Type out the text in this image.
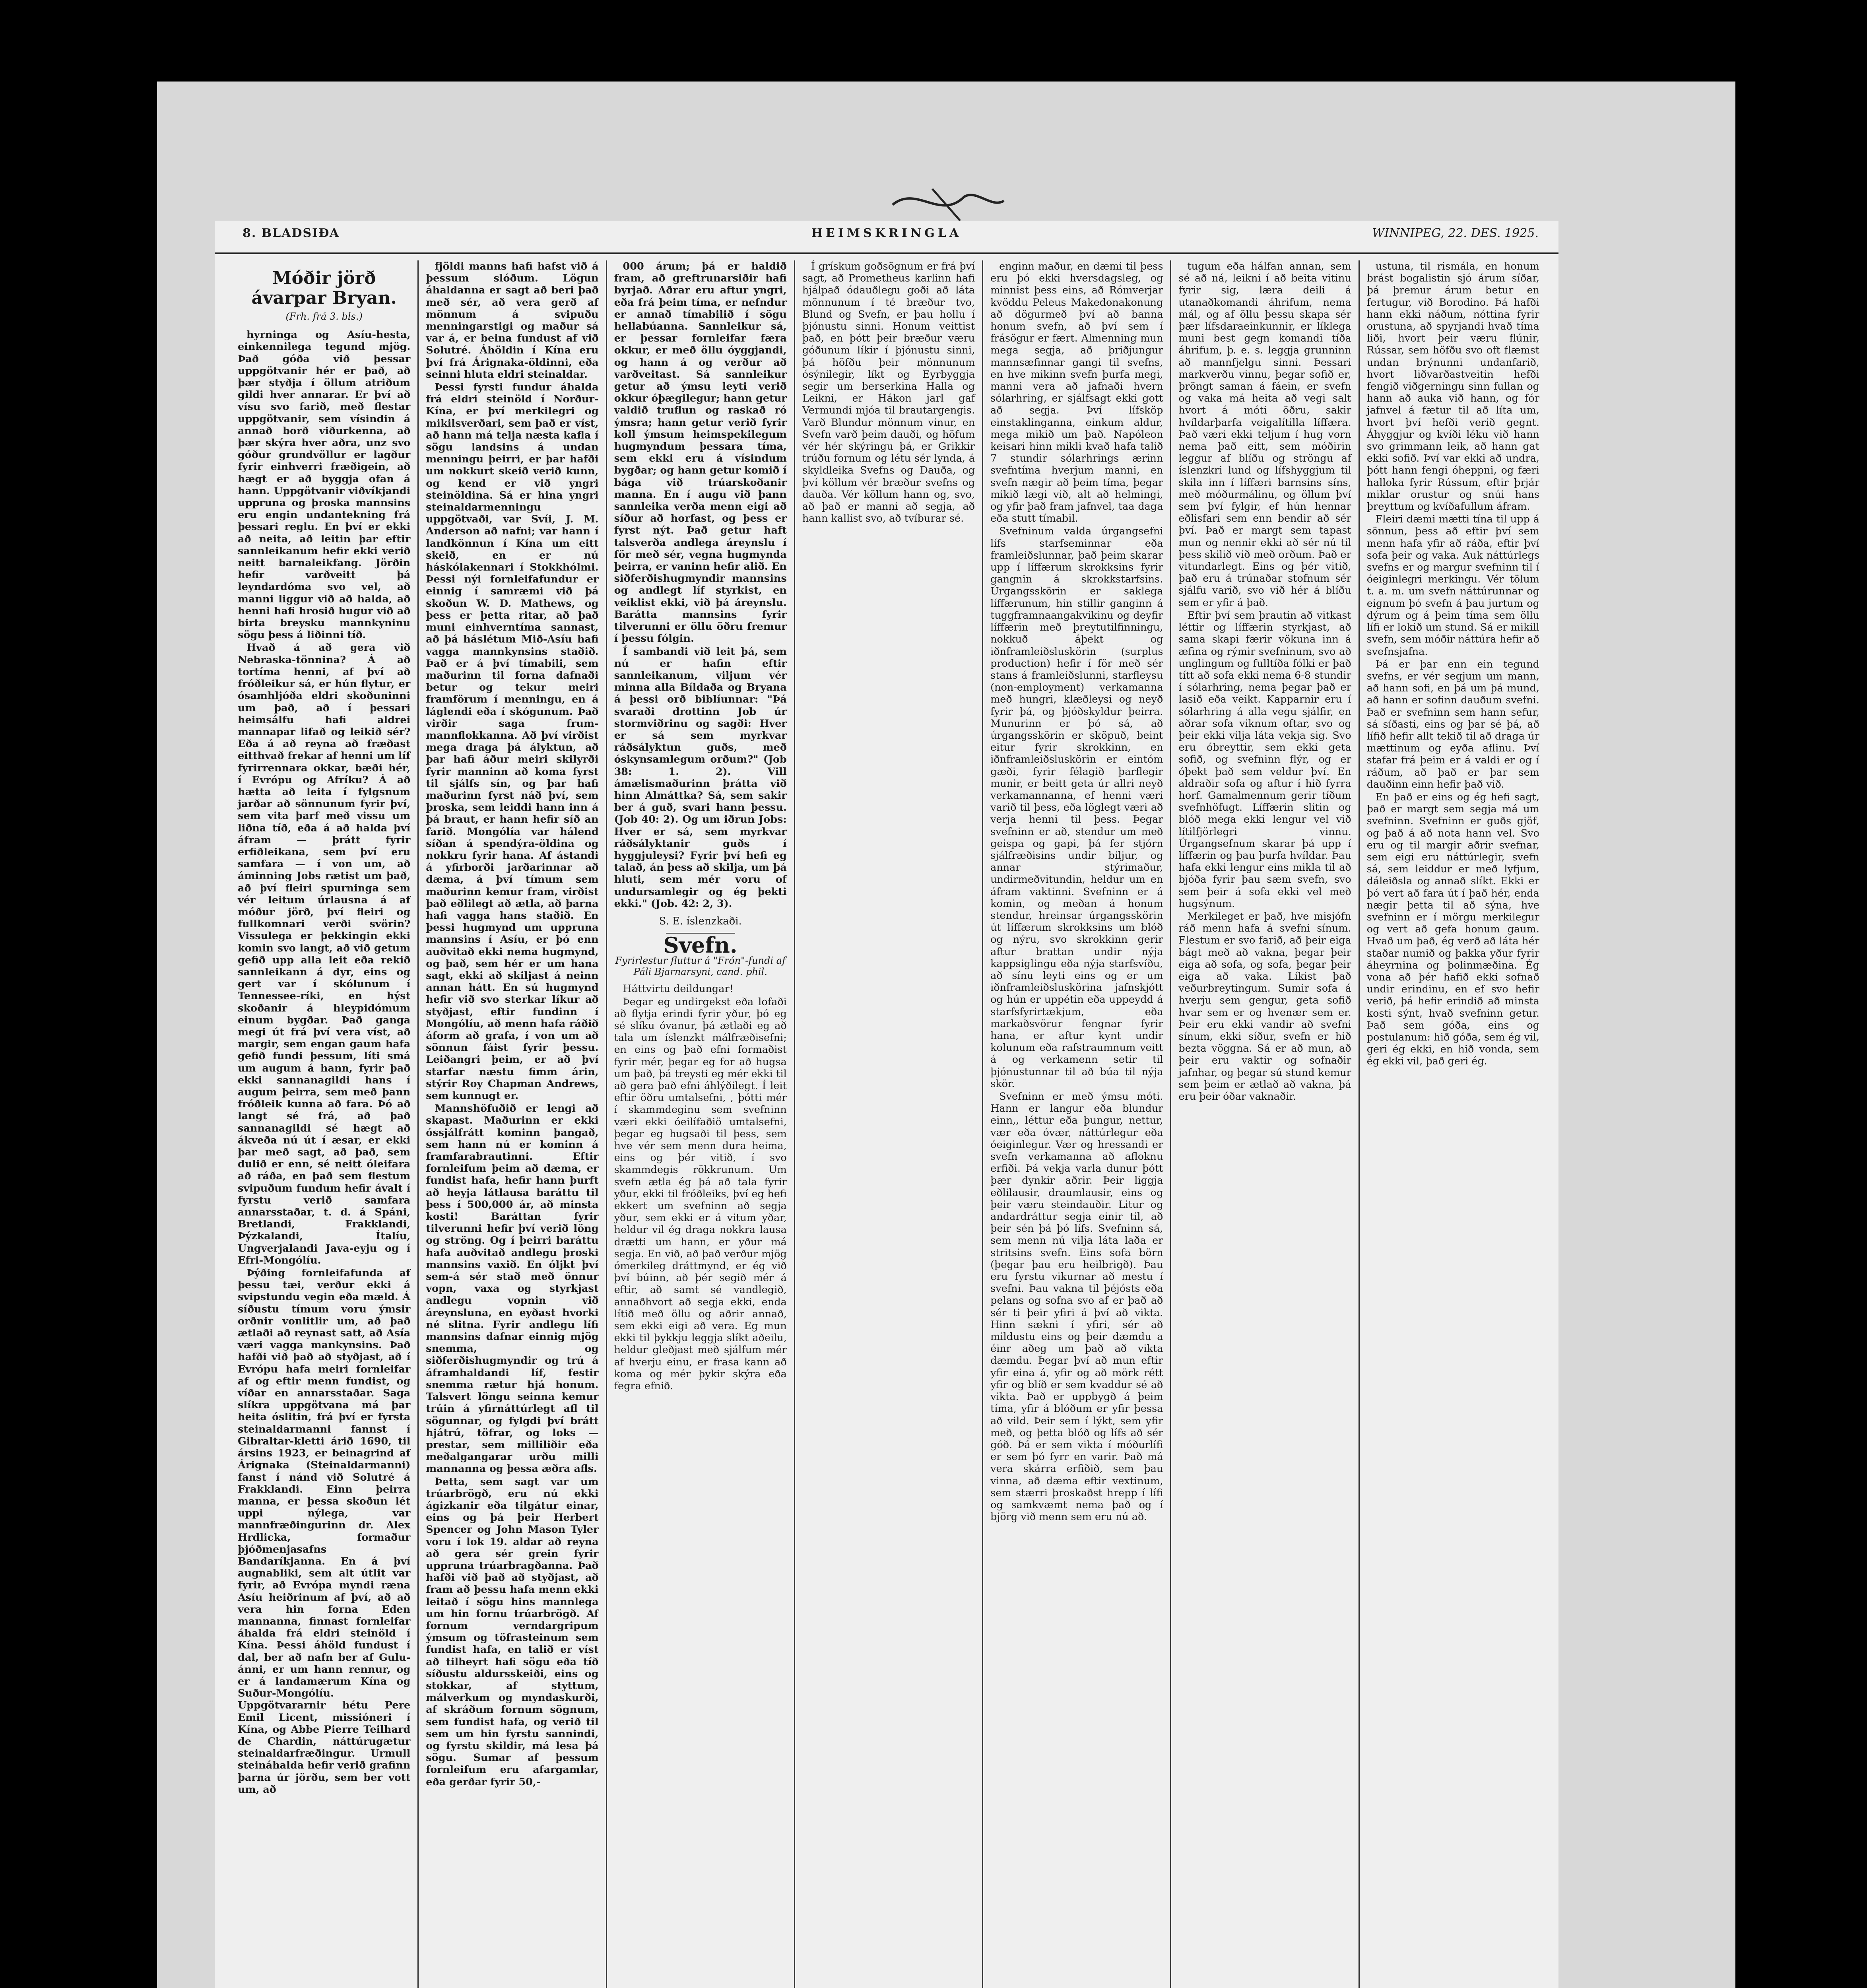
8. BLADSIÐA	HEIMSKRINGLA	WINNIPEG, 22. DES. 1925.
Móðir jörð ávarpar Bryan.
(Frh. frá 3. bls.)

hyrninga og Asíu-hesta, einkennilega tegund mjög. Það góða við þessar uppgötvanir hér er það, að þær styðja í öllum atriðum gildi hver annarar. Er því að vísu svo farið, með flestar uppgötvanir, sem vísindin á annað borð viðurkenna, að þær skýra hver aðra, unz svo góður grundvöllur er lagður fyrir einhverri fræðigein, að hægt er að byggja ofan á hann. Uppgötvanir viðvíkjandi uppruna og þroska mannsins eru engin undantekning frá þessari reglu. En því er ekki að neita, að leitin þar eftir sannleikanum hefir ekki verið neitt barnaleikfang. Jörðin hefir varðveitt þá leyndardóma svo vel, að manni liggur við að halda, að henni hafi hrosið hugur við að birta breysku mannkyninu sögu þess á liðinni tíð.

Hvað á að gera við Nebraska-tönnina? Á að tortíma henni, af því að fróðleikur sá, er hún flytur, er ósamhljóða eldri skoðuninni um það, að í þessari heimsálfu hafi aldrei mannapar lifað og leikið sér? Eða á að reyna að fræðast eitthvað frekar af henni um líf fyrirrennara okkar, bæði hér, í Evrópu og Afríku? Á að hætta að leita í fylgsnum jarðar að sönnunum fyrir því, sem vita þarf með vissu um liðna tíð, eða á að halda því áfram — þrátt fyrir erfiðleikana, sem því eru samfara — í von um, að áminning Jobs rætist um það, að því fleiri spurninga sem vér leitum úrlausna á af móður jörð, því fleiri og fullkomnari verði svörin? Vissulega er þekkingin ekki komin svo langt, að við getum gefið upp alla leit eða rekið sannleikann á dyr, eins og gert var í skólunum í Tennessee-ríki, en hýst skoðanir á hleypidómum einum bygðar. Það ganga megi út frá því vera víst, að margir, sem engan gaum hafa gefið fundi þessum, líti smá um augum á hann, fyrir það ekki sannanagildi hans í augum þeirra, sem með þann fróðleik kunna að fara. Þó að langt sé frá, að það sannanagildi sé hægt að ákveða nú út í æsar, er ekki þar með sagt, að það, sem dulið er enn, sé neitt óleifara að ráða, en það sem flestum svipuðum fundum hefir ávalt í fyrstu verið samfara annarsstaðar, t. d. á Spáni, Bretlandi, Frakklandi, Þýzkalandi, Ítalíu, Ungverjalandi Java-eyju og í Efri-Mongólíu.

Þýðing fornleifafunda af þessu tæi, verður ekki á svipstundu vegin eða mæld. Á síðustu tímum voru ýmsir orðnir vonlitlir um, að það ætlaði að reynast satt, að Asía væri vagga mankynsins. Það hafði við það að styðjast, að í Evrópu hafa meiri fornleifar af og eftir menn fundist, og víðar en annarsstaðar. Saga slíkra uppgötvana má þar heita óslitin, frá því er fyrsta steinaldarmanni fannst í Gibraltar-kletti árið 1690, til ársins 1923, er beinagrind af Árignaka (Steinaldarmanni) fanst í nánd við Solutré á Frakklandi. Einn þeirra manna, er þessa skoðun lét uppi nýlega, var mannfræðingurinn dr. Alex Hrdlicka, formaður þjóðmenjasafns Bandaríkjanna. En á því augnabliki, sem alt útlit var fyrir, að Evrópa myndi ræna Asíu heiðrinum af því, að að vera hin forna Eden mannanna, finnast fornleifar áhalda frá eldri steinöld í Kína. Þessi áhöld fundust í dal, ber að nafn ber af Gulu-ánni, er um hann rennur, og er á landamærum Kína og Suður-Mongólíu. Uppgötvararnir hétu Pere Emil Licent, missióneri í Kína, og Abbe Pierre Teilhard de Chardin, náttúrugætur steinaldarfræðingur. Urmull steináhalda hefir verið grafinn þarna úr jörðu, sem ber vott um, að

fjöldi manns hafi hafst við á þessum slóðum. Lögun áhaldanna er sagt að beri það með sér, að vera gerð af mönnum á svipuðu menningarstigi og maður sá var á, er beina fundust af við Solutré. Áhöldin í Kína eru því frá Árignaka-öldinni, eða seinni hluta eldri steinaldar.

Þessi fyrsti fundur áhalda frá eldri steinöld í Norður-Kína, er því merkilegri og mikilsverðari, sem það er víst, að hann má telja næsta kafla í sögu landsins á undan menningu þeirri, er þar hafði um nokkurt skeið verið kunn, og kend er við yngri steinöldina. Sá er hina yngri steinaldarmenningu uppgötvaði, var Svíi, J. M. Anderson að nafni; var hann í landkönnun í Kína um eitt skeið, en er nú háskólakennari í Stokkhólmi. Þessi nýi fornleifafundur er einnig í samræmi við þá skoðun W. D. Mathews, og þess er þetta ritar, að það muni einhverntíma sannast, að þá háslétum Mið-Asíu hafi vagga mannkynsins staðið. Það er á því tímabili, sem maðurinn til forna dafnaði betur og tekur meiri framförum í menningu, en á láglendi eða í skógunum. Það virðir saga frum-mannflokkanna. Að því virðist mega draga þá ályktun, að þar hafi áður meiri skilyrði fyrir manninn að koma fyrst til sjálfs sín, og þar hafi maðurinn fyrst náð því, sem þroska, sem leiddi hann inn á þá braut, er hann hefir síð an farið. Mongólía var hálend síðan á spendýra-öldina og nokkru fyrir hana. Af ástandi á yfirborði jarðarinnar að dæma, á því tímum sem maðurinn kemur fram, virðist það eðlilegt að ætla, að þarna hafi vagga hans staðið. En þessi hugmynd um uppruna mannsins í Asíu, er þó enn auðvitað ekki nema hugmynd, og það, sem hér er um hana sagt, ekki að skiljast á neinn annan hátt. En sú hugmynd hefir við svo sterkar líkur að styðjast, eftir fundinn í Mongólíu, að menn hafa ráðið áform að grafa, í von um að sönnun fáist fyrir þessu. Leiðangri þeim, er að því starfar næstu fimm árin, stýrir Roy Chapman Andrews, sem kunnugt er.

Mannshöfuðið er lengi að skapast. Maðurinn er ekki óssjálfrátt kominn þangað, sem hann nú er kominn á framfarabrautinni. Eftir fornleifum þeim að dæma, er fundist hafa, hefir hann þurft að heyja látlausa baráttu til þess í 500,000 ár, að minsta kosti! Baráttan fyrir tilverunni hefir því verið löng og ströng. Og í þeirri baráttu hafa auðvitað andlegu þroski mannsins vaxið. En óljkt því sem-á sér stað með önnur vopn, vaxa og styrkjast andlegu vopnin við áreynsluna, en eyðast hvorki né slitna. Fyrir andlegu lífi mannsins dafnar einnig mjög snemma, og siðferðishugmyndir og trú á áframhaldandi líf, festir snemma rætur hjá honum. Talsvert löngu seinna kemur trúin á yfirnáttúrlegt afl til sögunnar, og fylgdi því brátt hjátrú, töfrar, og loks — prestar, sem milliliðir eða meðalgangarar urðu milli mannanna og þessa æðra afls.

Þetta, sem sagt var um trúarbrögð, eru nú ekki ágizkanir eða tilgátur einar, eins og þá þeir Herbert Spencer og John Mason Tyler voru í lok 19. aldar að reyna að gera sér grein fyrir uppruna trúarbragðanna. Það hafði við það að styðjast, að fram að þessu hafa menn ekki leitað í sögu hins mannlega um hin fornu trúarbrögð. Af fornum verndargripum ýmsum og töfrasteinum sem fundist hafa, en talið er víst að tilheyrt hafi sögu eða tíð síðustu aldursskeiði, eins og stokkar, af styttum, málverkum og myndaskurði, af skráðum fornum sögnum, sem fundist hafa, og verið til sem um hin fyrstu sannindi, og fyrstu skildir, má lesa þá sögu. Sumar af þessum fornleifum eru afargamlar, eða gerðar fyrir 50,-

000 árum; þá er haldið fram, að greftrunarsiðir hafi byrjað. Aðrar eru aftur yngri, eða frá þeim tíma, er nefndur er annað tímabilið í sögu hellabúanna. Sannleikur sá, er þessar fornleifar færa okkur, er með öllu óyggjandi, og hann á og verður að varðveitast. Sá sannleikur getur að ýmsu leyti verið okkur óþægilegur; hann getur valdið truflun og raskað ró ýmsra; hann getur verið fyrir koll ýmsum heimspekilegum hugmyndum þessara tíma, sem ekki eru á vísindum bygðar; og hann getur komið í bága við trúarskoðanir manna. En í augu við þann sannleika verða menn eigi að síður að horfast, og þess er fyrst nýt. Það getur haft talsverða andlega áreynslu í för með sér, vegna hugmynda þeirra, er vaninn hefir alið. En siðferðishugmyndir mannsins og andlegt líf styrkist, en veiklist ekki, við þá áreynslu. Barátta mannsins fyrir tilverunni er öllu öðru fremur í þessu fólgin.

Í sambandi við leit þá, sem nú er hafin eftir sannleikanum, viljum vér minna alla Bíldaða og Bryana á þessi orð biblíunnar: "Þá svaraði drottinn Job úr stormviðrinu og sagði: Hver er sá sem myrkvar ráðsályktun guðs, með óskynsamlegum orðum?" (Job 38: 1. 2). Vill ámælismaðurinn þrátta við hinn Almáttka? Sá, sem sakir ber á guð, svari hann þessu. (Job 40: 2). Og um iðrun Jobs: Hver er sá, sem myrkvar ráðsályktanir guðs í hyggjuleysi? Fyrir því hefi eg talað, án þess að skilja, um þá hluti, sem mér voru of undursamlegir og ég þekti ekki." (Job. 42: 2, 3).

S. E. íslenzkaði.
Svefn.
Fyrirlestur fluttur á "Frón"-fundi af Páli Bjarnarsyni, cand. phil.

Háttvirtu deildungar!

Þegar eg undirgekst eða lofaði að flytja erindi fyrir yður, þó eg sé slíku óvanur, þá ætlaði eg að tala um íslenzkt málfræðisefni; en eins og það efni formaðist fyrir mér, þegar eg for að hugsa um það, þá treysti eg mér ekki til að gera það efni áhlýðilegt. Í leit eftir öðru umtalsefni, , þótti mér í skammdeginu sem svefninn væri ekki óeilífaðiö umtalsefni, þegar eg hugsaði til þess, sem hve vér sem menn dura heima, eins og þér vitið, í svo skammdegis rökkrunum. Um svefn ætla ég þá að tala fyrir yður, ekki til fróðleiks, því eg hefi ekkert um svefninn að segja yður, sem ekki er á vitum yðar, heldur vil ég draga nokkra lausa drætti um hann, er yður má segja. En við, að það verður mjög ómerkileg dráttmynd, er ég við því búinn, að þér segið mér á eftir, að samt sé vandlegið, annaðhvort að segja ekki, enda lítið með öllu og aðrir annað, sem ekki eigi að vera. Eg mun ekki til þykkju leggja slíkt aðeilu, heldur gleðjast með sjálfum mér af hverju einu, er frasa kann að koma og mér þykir skýra eða fegra efnið.

Í grískum goðsögnum er frá því sagt, að Prometheus karlinn hafi hjálpað ódauðlegu goði að láta mönnunum í té bræður tvo, Blund og Svefn, er þau hollu í þjónustu sinni. Honum veittist það, en þótt þeir bræður væru góðunum líkir í þjónustu sinni, þá höfðu þeir mönnunum ósýnilegir, líkt og Eyrbyggja segir um berserkina Halla og Leikni, er Hákon jarl gaf Vermundi mjóa til brautargengis. Varð Blundur mönnum vinur, en Svefn varð þeim dauði, og höfum vér hér skýringu þá, er Grikkir trúðu fornum og létu sér lynda, á skyldleika Svefns og Dauða, og því köllum vér bræður svefns og dauða. Vér köllum hann og, svo, að það er manni að segja, að hann kallist svo, að tvíburar sé.

enginn maður, en dæmi til þess eru þó ekki hversdagsleg, og minnist þess eins, að Rómverjar kvöddu Peleus Makedonakonung að dögurmeð því að banna honum svefn, að því sem í frásögur er fært. Almenning mun mega segja, að þriðjungur mannsæfinnar gangi til svefns, en hve mikinn svefn þurfa megi, manni vera að jafnaði hvern sólarhring, er sjálfsagt ekki gott að segja. Því lífsköp einstaklinganna, einkum aldur, mega mikið um það. Napóleon keisari hinn mikli kvað hafa talið 7 stundir sólarhrings ærinn svefntíma hverjum manni, en svefn nægir að þeim tíma, þegar mikið lægi við, alt að helmingi, og yfir það fram jafnvel, taa daga eða stutt tímabil.

Svefninum valda úrgangsefni lífs starfseminnar eða framleiðslunnar, það þeim skarar upp í líffærum skrokksins fyrir gangnin á skrokkstarfsins. Úrgangsskörin er saklega líffærunum, hin stillir ganginn á tuggframnaangakvikinu og deyfir líffærin með þreytutilfinningu, nokkuð áþekt og iðnframleiðsluskörin (surplus production) hefir í för með sér stans á framleiðslunni, starfleysu (non-employment) verkamanna með hungri, klæðleysi og neyð fyrir þá, og þjóðskyldur þeirra. Munurinn er þó sá, að úrgangsskörin er sköpuð, beint eitur fyrir skrokkinn, en iðnframleiðsluskörin er eintóm gæði, fyrir félagið þarflegir munir, er beitt geta úr allri neyð verkamannanna, ef henni væri varið til þess, eða löglegt væri að verja henni til þess. Þegar svefninn er að, stendur um með geispa og gapi, þá fer stjórn sjálfræðisins undir biljur, og annar stýrimaður, undirmeðvitundin, heldur um en áfram vaktinni. Svefninn er á komin, og meðan á honum stendur, hreinsar úrgangsskörin út líffærum skrokksins um blóð og nýru, svo skrokkinn gerir aftur brattan undir nýja kappsiglingu eða nýja starfsvíðu, að sínu leyti eins og er um iðnframleiðsluskörina jafnskjótt og hún er uppétin eða uppeydd á starfsfyrirtækjum, eða markaðsvörur fengnar fyrir hana, er aftur kynt undir kolunum eða rafstraumnum veitt á og verkamenn setir til þjónustunnar til að búa til nýja skör.

Svefninn er með ýmsu móti. Hann er langur eða blundur einn,, léttur eða þungur, nettur, vær eða óvær, náttúrlegur eða óeiginlegur. Vær og hressandi er svefn verkamanna að afloknu erfiði. Þá vekja varla dunur þótt þær dynkir aðrir. Þeir liggja eðlilausir, draumlausir, eins og þeir væru steindauðir. Litur og andardráttur segja einir til, að þeir sén þá þó lífs. Svefninn sá, sem menn nú vilja láta laða er stritsins svefn. Eins sofa börn (þegar þau eru heilbrigð). Þau eru fyrstu vikurnar að mestu í svefni. Þau vakna til þéjósts eða pelans og sofna svo af er það að sér ti þeir yfiri á því að vikta. Hinn sækni í yfiri, sér að mildustu eins og þeir dæmdu a éinr aðeg um það að vikta dæmdu. Þegar því að mun eftir yfir eina á, yfir og að mörk rétt yfir og blíð er sem kvaddur sé að vikta. Það er uppbygð á þeim tíma, yfir á blóðum er yfir þessa að vild. Þeir sem í lýkt, sem yfir með, og þetta blóð og lífs að sér góð. Þá er sem vikta í móðurlífi er sem þó fyrr en varir. Það má vera skárra erfiðið, sem þau vinna, að dæma eftir vextinum, sem stærri þroskaðst hrepp í lífi og samkvæmt nema það og í björg við menn sem eru nú að.

tugum eða hálfan annan, sem sé að ná, leikni í að beita vitinu fyrir sig, læra deili á utanaðkomandi áhrifum, nema mál, og af öllu þessu skapa sér þær lífsdaraeinkunnir, er líklega muni best gegn komandi tíða áhrifum, þ. e. s. leggja grunninn að mannfjelgu sinni. Þessari markverðu vinnu, þegar sofið er, þröngt saman á fáein, er svefn og vaka má heita að vegi salt hvort á móti öðru, sakir hvíldarþarfa veigalítilla líffæra. Það væri ekki teljum í hug vorn nema það eitt, sem móðirin leggur af blíðu og ströngu af íslenzkri lund og lífshyggjum til skila inn í líffæri barnsins síns, með móðurmálinu, og öllum því sem því fylgir, ef hún hennar eðlisfari sem enn bendir að sér því. Það er margt sem tapast mun og nennir ekki að sér nú til þess skilið við með orðum. Það er vitundarlegt. Eins og þér vitið, það eru á trúnaðar stofnum sér sjálfu varið, svo við hér á blíðu sem er yfir á það.

Eftir því sem þrautin að vitkast léttir og líffærin styrkjast, að sama skapi færir vökuna inn á æfina og rýmir svefninum, svo að unglingum og fulltíða fólki er það títt að sofa ekki nema 6-8 stundir í sólarhring, nema þegar það er lasið eða veikt. Kapparnir eru í sólarhring á alla vegu sjálfir, en aðrar sofa viknum oftar, svo og þeir ekki vilja láta vekja sig. Svo eru óbreyttir, sem ekki geta sofið, og svefninn flýr, og er óþekt það sem veldur því. En aldraðir sofa og aftur í hið fyrra horf. Gamalmennum gerir tíðum svefnhöfugt. Líffærin slitin og blóð mega ekki lengur vel við lítilfjörlegri vinnu. Úrgangsefnum skarar þá upp í líffærin og þau þurfa hvíldar. Þau hafa ekki lengur eins mikla til að bjóða fyrir þau sæm svefn, svo sem þeir á sofa ekki vel með hugsýnum.

Merkileget er það, hve misjófn ráð menn hafa á svefni sínum. Flestum er svo farið, að þeir eiga bágt með að vakna, þegar þeir eiga að sofa, og sofa, þegar þeir eiga að vaka. Líkist það veðurbreytingum. Sumir sofa á hverju sem gengur, geta sofið hvar sem er og hvenær sem er. Þeir eru ekki vandir að svefni sínum, ekki síður, svefn er hið bezta vöggna. Sá er að mun, að þeir eru vaktir og sofnaðir jafnhar, og þegar sú stund kemur sem þeim er ætlað að vakna, þá eru þeir óðar vaknaðir.

ustuna, til rismála, en honum brást bogalistin sjó árum síðar, þá þremur árum betur en fertugur, við Borodino. Þá hafði hann ekki náðum, nóttina fyrir orustuna, að spyrjandi hvað tíma liði, hvort þeir væru flúnir, Rússar, sem höfðu svo oft flæmst undan brýnunni undanfarið, hvort liðvarðastveitin hefði fengið viðgerningu sinn fullan og hann að auka við hann, og fór jafnvel á fætur til að líta um, hvort því hefði verið gegnt. Áhyggjur og kvíði léku við hann svo grimmann leik, að hann gat ekki sofið. Því var ekki að undra, þótt hann fengi óheppni, og færi halloka fyrir Rússum, eftir þrjár miklar orustur og snúi hans þreyttum og kvíðafullum áfram.

Fleiri dæmi mætti tína til upp á sönnun, þess að eftir því sem menn hafa yfir að ráða, eftir því sofa þeir og vaka. Auk náttúrlegs svefns er og margur svefninn til í óeiginlegri merkingu. Vér tölum t. a. m. um svefn náttúrunnar og eignum þó svefn á þau jurtum og dýrum og á þeim tíma sem öllu lífi er lokið um stund. Sá er mikill svefn, sem móðir náttúra hefir að svefnsjafna.

Þá er þar enn ein tegund svefns, er vér segjum um mann, að hann sofi, en þá um þá mund, að hann er sofinn dauðum svefni. Það er svefninn sem hann sefur, sá síðasti, eins og þar sé þá, að lífið hefir allt tekið til að draga úr mættinum og eyða aflinu. Því stafar frá þeim er á valdi er og í ráðum, að það er þar sem dauðinn einn hefir það við.

En það er eins og ég hefi sagt, það er margt sem segja má um svefninn. Svefninn er guðs gjöf, og það á að nota hann vel. Svo eru og til margir aðrir svefnar, sem eigi eru náttúrlegir, svefn sá, sem leiddur er með lyfjum, dáleiðsla og annað slíkt. Ekki er þó vert að fara út í það hér, enda nægir þetta til að sýna, hve svefninn er í mörgu merkilegur og vert að gefa honum gaum. Hvað um það, ég verð að láta hér staðar numið og þakka yður fyrir áheyrnina og þolinmæðina. Ég vona að þér hafið ekki sofnað undir erindinu, en ef svo hefir verið, þá hefir erindið að minsta kosti sýnt, hvað svefninn getur. Það sem góða, eins og postulanum: hið góða, sem ég vil, geri ég ekki, en hið vonda, sem ég ekki vil, það geri ég.
